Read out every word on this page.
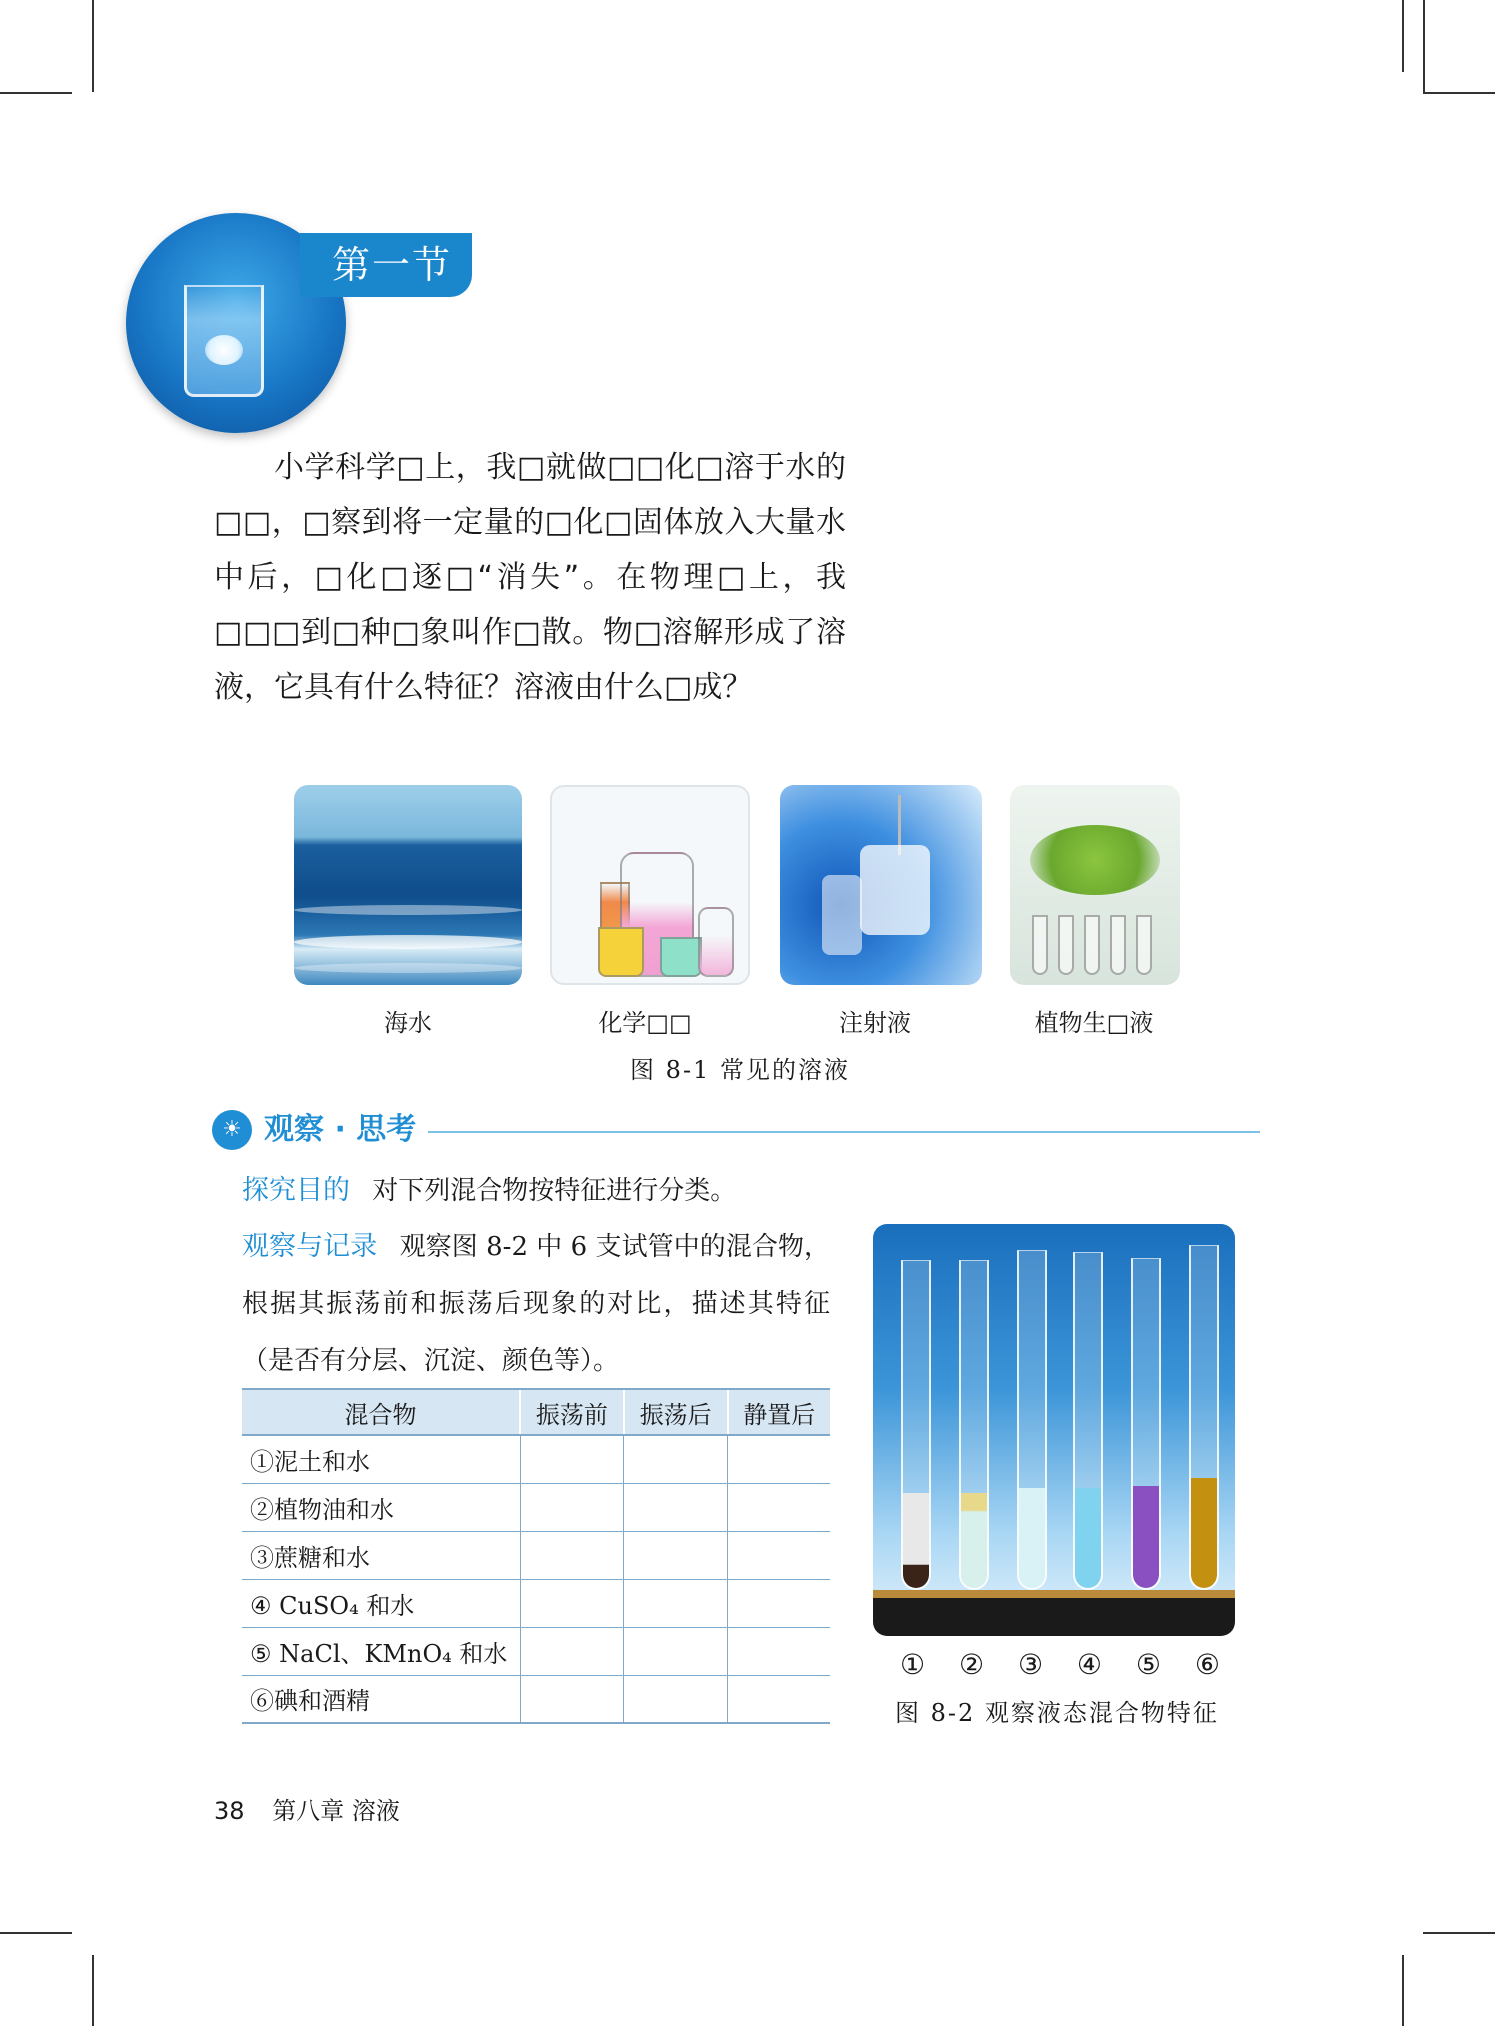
第一节

小学科学□上，我□就做□□化□溶于水的□□，□察到将一定量的□化□固体放入大量水中后，□化□逐□“消失”。在物理□上，我□□□到□种□象叫作□散。物□溶解形成了溶液，它具有什么特征？溶液由什么□成？

海水	化学□□	注射液	植物生□液
图 8-1 常见的溶液
☀ 观察 · 思考
探究目的 对下列混合物按特征进行分类。
观察与记录 观察图 8-2 中 6 支试管中的混合物，根据其振荡前和振荡后现象的对比，描述其特征（是否有分层、沉淀、颜色等）。
混合物	振荡前	振荡后	静置后
①泥土和水			
②植物油和水			
③蔗糖和水			
④ CuSO₄ 和水			
⑤ NaCl、KMnO₄ 和水			
⑥碘和酒精			
① ② ③ ④ ⑤ ⑥
图 8-2 观察液态混合物特征
38 第八章 溶液
